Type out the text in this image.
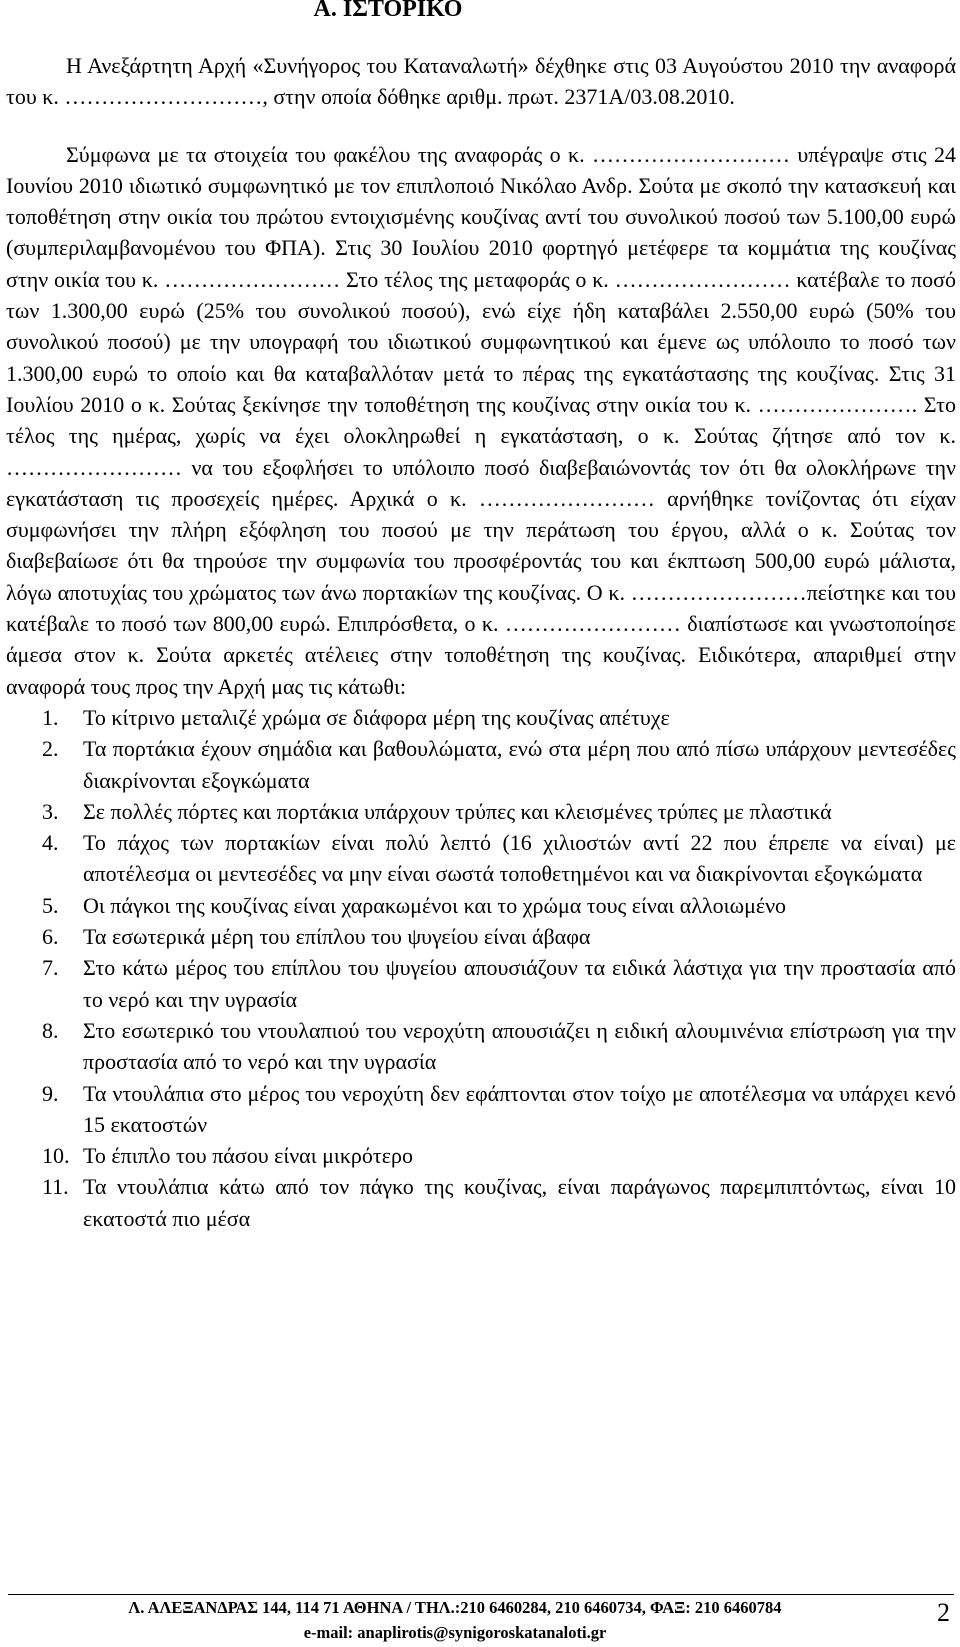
Α. ΙΣΤΟΡΙΚΟ

Η Ανεξάρτητη Αρχή «Συνήγορος του Καταναλωτή» δέχθηκε στις 03 Αυγούστου 2010 την αναφορά του κ. ………………………, στην οποία δόθηκε αριθμ. πρωτ. 2371Α/03.08.2010.

Σύμφωνα με τα στοιχεία του φακέλου της αναφοράς ο κ. ……………………… υπέγραψε στις 24 Ιουνίου 2010 ιδιωτικό συμφωνητικό με τον επιπλοποιό Νικόλαο Ανδρ. Σούτα με σκοπό την κατασκευή και τοποθέτηση στην οικία του πρώτου εντοιχισμένης κουζίνας αντί του συνολικού ποσού των 5.100,00 ευρώ (συμπεριλαμβανομένου του ΦΠΑ). Στις 30 Ιουλίου 2010 φορτηγό μετέφερε τα κομμάτια της κουζίνας στην οικία του κ. …………………… Στο τέλος της μεταφοράς ο κ. …………………… κατέβαλε το ποσό των 1.300,00 ευρώ (25% του συνολικού ποσού), ενώ είχε ήδη καταβάλει 2.550,00 ευρώ (50% του συνολικού ποσού) με την υπογραφή του ιδιωτικού συμφωνητικού και έμενε ως υπόλοιπο το ποσό των 1.300,00 ευρώ το οποίο και θα καταβαλλόταν μετά το πέρας της εγκατάστασης της κουζίνας. Στις 31 Ιουλίου 2010 ο κ. Σούτας ξεκίνησε την τοποθέτηση της κουζίνας στην οικία του κ. …………………. Στο τέλος της ημέρας, χωρίς να έχει ολοκληρωθεί η εγκατάσταση, ο κ. Σούτας ζήτησε από τον κ. …………………… να του εξοφλήσει το υπόλοιπο ποσό διαβεβαιώνοντάς τον ότι θα ολοκλήρωνε την εγκατάσταση τις προσεχείς ημέρες. Αρχικά ο κ. …………………… αρνήθηκε τονίζοντας ότι είχαν συμφωνήσει την πλήρη εξόφληση του ποσού με την περάτωση του έργου, αλλά ο κ. Σούτας τον διαβεβαίωσε ότι θα τηρούσε την συμφωνία του προσφέροντάς του και έκπτωση 500,00 ευρώ μάλιστα, λόγω αποτυχίας του χρώματος των άνω πορτακίων της κουζίνας. Ο κ. ……………………πείστηκε και του κατέβαλε το ποσό των 800,00 ευρώ. Επιπρόσθετα, ο κ. …………………… διαπίστωσε και γνωστοποίησε άμεσα στον κ. Σούτα αρκετές ατέλειες στην τοποθέτηση της κουζίνας. Ειδικότερα, απαριθμεί στην αναφορά τους προς την Αρχή μας τις κάτωθι:

1.	Το κίτρινο μεταλιζέ χρώμα σε διάφορα μέρη της κουζίνας απέτυχε
2.	Τα πορτάκια έχουν σημάδια και βαθουλώματα, ενώ στα μέρη που από πίσω υπάρχουν μεντεσέδες διακρίνονται εξογκώματα
3.	Σε πολλές πόρτες και πορτάκια υπάρχουν τρύπες και κλεισμένες τρύπες με πλαστικά
4.	Το πάχος των πορτακίων είναι πολύ λεπτό (16 χιλιοστών αντί 22 που έπρεπε να είναι) με αποτέλεσμα οι μεντεσέδες να μην είναι σωστά τοποθετημένοι και να διακρίνονται εξογκώματα
5.	Οι πάγκοι της κουζίνας είναι χαρακωμένοι και το χρώμα τους είναι αλλοιωμένο
6.	Τα εσωτερικά μέρη του επίπλου του ψυγείου είναι άβαφα
7.	Στο κάτω μέρος του επίπλου του ψυγείου απουσιάζουν τα ειδικά λάστιχα για την προστασία από το νερό και την υγρασία
8.	Στο εσωτερικό του ντουλαπιού του νεροχύτη απουσιάζει η ειδική αλουμινένια επίστρωση για την προστασία από το νερό και την υγρασία
9.	Τα ντουλάπια στο μέρος του νεροχύτη δεν εφάπτονται στον τοίχο με αποτέλεσμα να υπάρχει κενό 15 εκατοστών
10. Το έπιπλο του πάσου είναι μικρότερο
11. Τα ντουλάπια κάτω από τον πάγκο της κουζίνας, είναι παράγωνος παρεμπιπτόντως, είναι 10 εκατοστά πιο μέσα
Λ. ΑΛΕΞΑΝΔΡΑΣ 144, 114 71 ΑΘΗΝΑ / ΤΗΛ.:210 6460284, 210 6460734, ΦΑΞ: 210 6460784
e-mail: anaplirotis@synigoroskatanaloti.gr
2
